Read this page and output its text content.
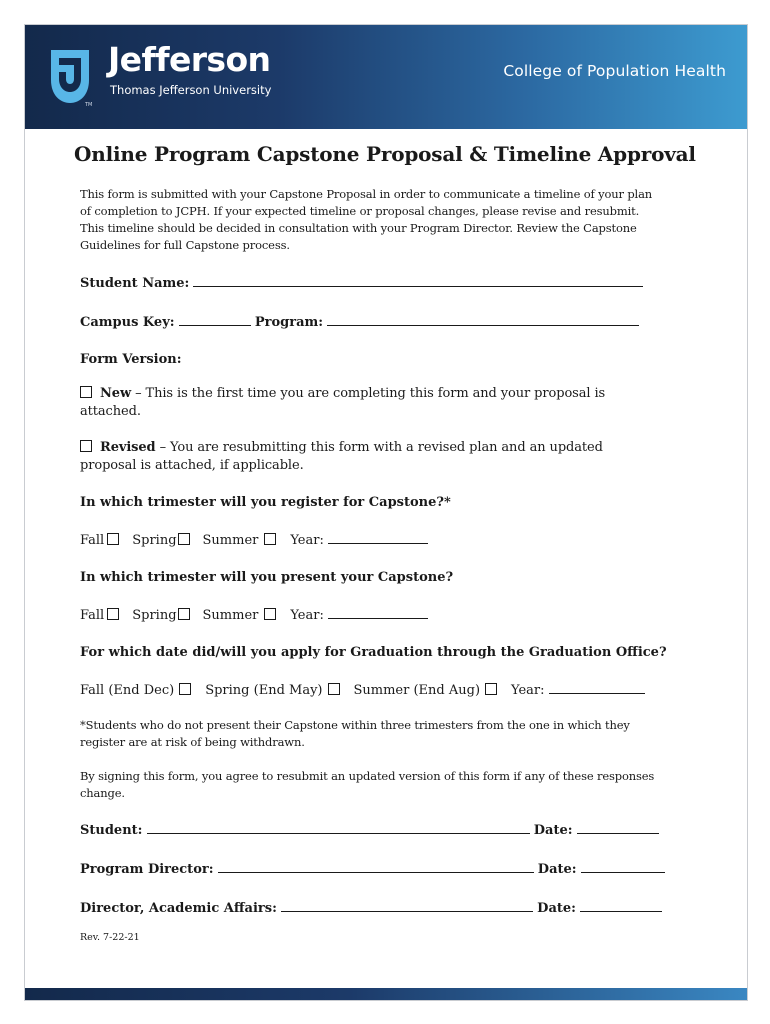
Jefferson
Thomas Jefferson University
TM
College of Population Health
Online Program Capstone Proposal & Timeline Approval

This form is submitted with your Capstone Proposal in order to communicate a timeline of your plan of completion to JCPH. If your expected timeline or proposal changes, please revise and resubmit. This timeline should be decided in consultation with your Program Director. Review the Capstone Guidelines for full Capstone process.

Student Name:
Campus Key:	Program:
Form Version:

New – This is the first time you are completing this form and your proposal is attached.

Revised – You are resubmitting this form with a revised plan and an updated proposal is attached, if applicable.

In which trimester will you register for Capstone?*
Fall Spring Summer Year:
In which trimester will you present your Capstone?
Fall Spring Summer Year:
For which date did/will you apply for Graduation through the Graduation Office?
Fall (End Dec) Spring (End May) Summer (End Aug) Year:

*Students who do not present their Capstone within three trimesters from the one in which they register are at risk of being withdrawn.

By signing this form, you agree to resubmit an updated version of this form if any of these responses change.

Student:	Date:
Program Director:	Date:
Director, Academic Affairs:	Date:
Rev. 7-22-21
